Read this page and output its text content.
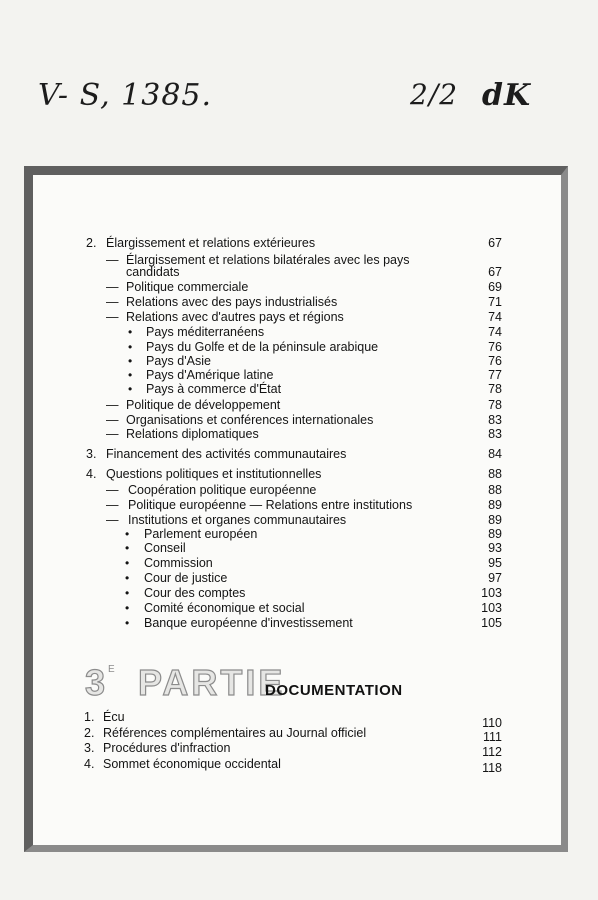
V- S, 1385.	2/2 dK
2. Élargissement et relations extérieures	67
— Élargissement et relations bilatérales avec les pays
candidats	67
— Politique commerciale	69
— Relations avec des pays industrialisés	71
— Relations avec d'autres pays et régions	74
• Pays méditerranéens	74
• Pays du Golfe et de la péninsule arabique	76
• Pays d'Asie	76
• Pays d'Amérique latine	77
• Pays à commerce d'État	78
— Politique de développement	78
— Organisations et conférences internationales	83
— Relations diplomatiques	83
3. Financement des activités communautaires	84
4. Questions politiques et institutionnelles	88
— Coopération politique européenne	88
— Politique européenne — Relations entre institutions	89
— Institutions et organes communautaires	89
• Parlement européen	89
• Conseil	93
• Commission	95
• Cour de justice	97
• Cour des comptes	103
• Comité économique et social	103
• Banque européenne d'investissement	105
3 E PARTIE
DOCUMENTATION
1. Écu	110
2. Références complémentaires au Journal officiel	111
3. Procédures d'infraction	112
4. Sommet économique occidental	118
